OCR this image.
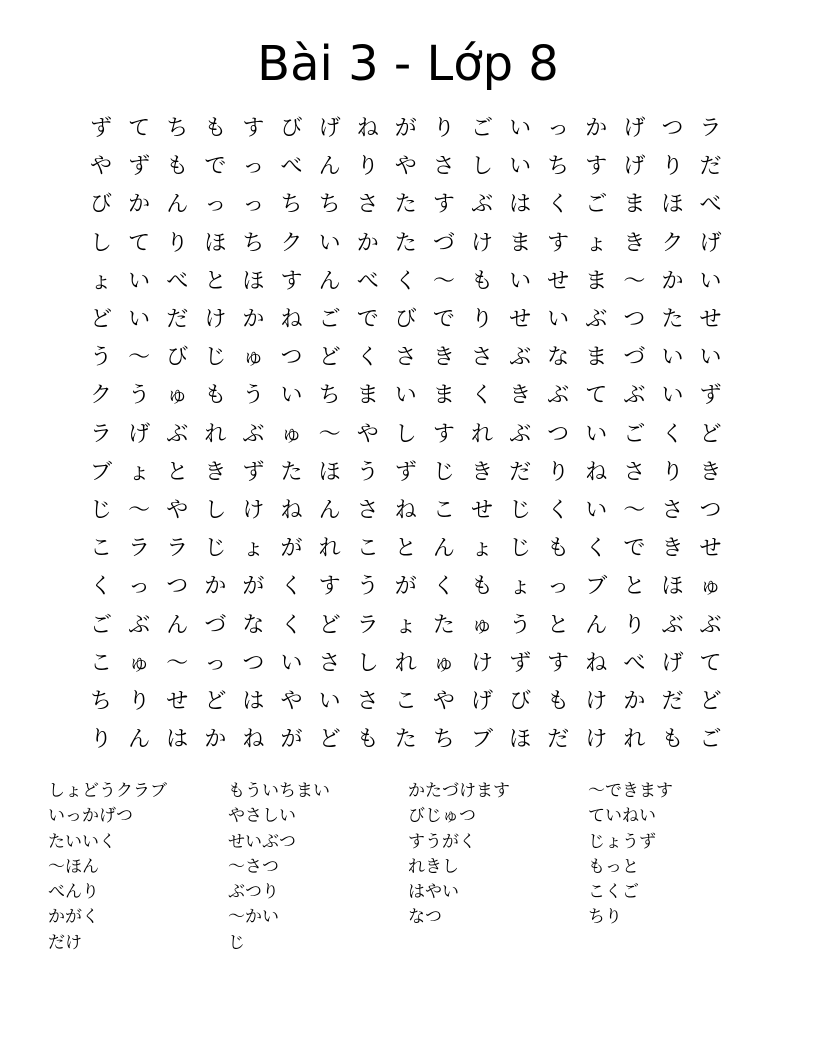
Bài 3 - Lớp 8
ず て ち も す び げ ね が り ご い っ か げ つ ラ
や ず も で っ べ ん り や さ し い ち す げ り だ
び か ん っ っ ち ち さ た す ぶ は く ご ま ほ べ
し て り ほ ち ク い か た づ け ま す ょ き ク げ
ょ い べ と ほ す ん べ く 〜 も い せ ま 〜 か い
ど い だ け か ね ご で び で り せ い ぶ つ た せ
う 〜 び じ ゅ つ ど く さ き さ ぶ な ま づ い い
ク う ゅ も う い ち ま い ま く き ぶ て ぶ い ず
ラ げ ぶ れ ぶ ゅ 〜 や し す れ ぶ つ い ご く ど
ブ ょ と き ず た ほ う ず じ き だ り ね さ り き
じ 〜 や し け ね ん さ ね こ せ じ く い 〜 さ つ
こ ラ ラ じ ょ が れ こ と ん ょ じ も く で き せ
く っ つ か が く す う が く も ょ っ ブ と ほ ゅ
ご ぶ ん づ な く ど ラ ょ た ゅ う と ん り ぶ ぶ
こ ゅ 〜 っ つ い さ し れ ゅ け ず す ね べ げ て
ち り せ ど は や い さ こ や げ び も け か だ ど
り ん は か ね が ど も た ち ブ ほ だ け れ も ご
しょどうクラブ
いっかげつ
たいいく
〜ほん
べんり
かがく
だけ
もういちまい
やさしい
せいぶつ
〜さつ
ぶつり
〜かい
じ
かたづけます
びじゅつ
すうがく
れきし
はやい
なつ
〜できます
ていねい
じょうず
もっと
こくご
ちり
